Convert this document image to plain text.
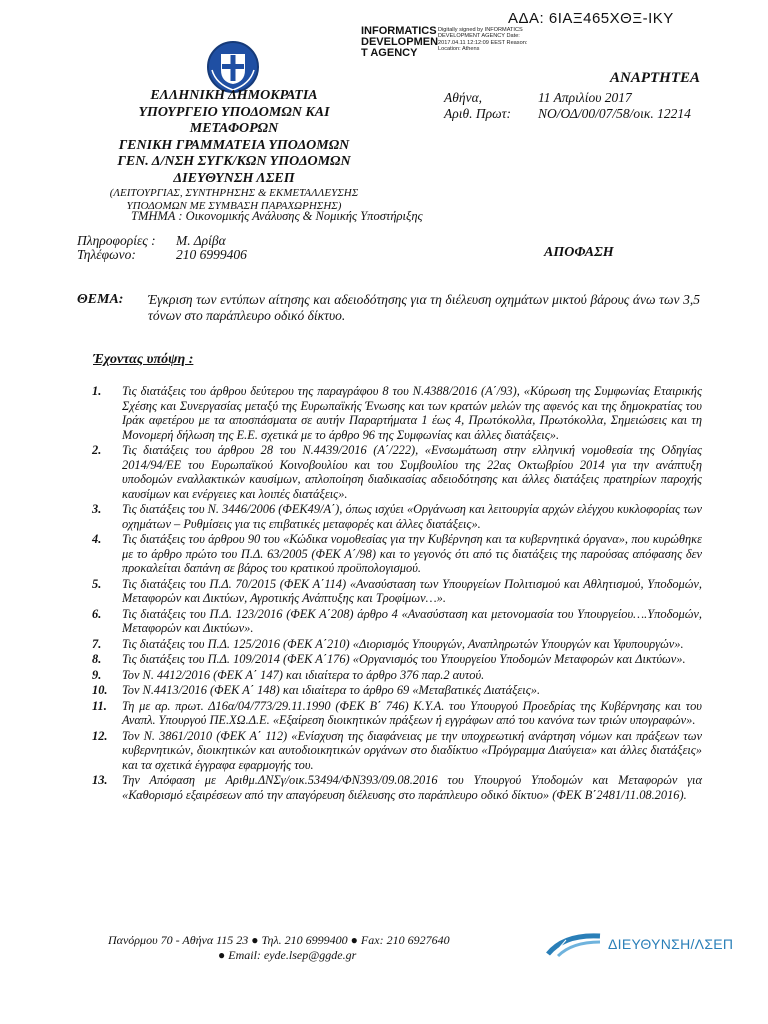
ΑΔΑ: 6ΙΑΞ465ΧΘΞ-ΙΚΥ
INFORMATICS DEVELOPMEN T AGENCY
Digitally signed by INFORMATICS DEVELOPMENT AGENCY Date: 2017.04.11 12:12:09 EEST Reason: Location: Athens
ΑΝΑΡΤΗΤΕΑ
ΕΛΛΗΝΙΚΗ ΔΗΜΟΚΡΑΤΙΑ
ΥΠΟΥΡΓΕΙΟ ΥΠΟΔΟΜΩΝ ΚΑΙ ΜΕΤΑΦΟΡΩΝ
ΓΕΝΙΚΗ ΓΡΑΜΜΑΤΕΙΑ ΥΠΟΔΟΜΩΝ
ΓΕΝ. Δ/ΝΣΗ ΣΥΓΚ/ΚΩΝ ΥΠΟΔΟΜΩΝ
ΔΙΕΥΘΥΝΣΗ ΛΣΕΠ
(ΛΕΙΤΟΥΡΓΙΑΣ, ΣΥΝΤΗΡΗΣΗΣ & ΕΚΜΕΤΑΛΛΕΥΣΗΣ ΥΠΟΔΟΜΩΝ ΜΕ ΣΥΜΒΑΣΗ ΠΑΡΑΧΩΡΗΣΗΣ)
Αθήνα,	11 Απριλίου 2017
Αριθ. Πρωτ: ΝΟ/ΟΔ/00/07/58/οικ. 12214
ΤΜΗΜΑ : Οικονομικής Ανάλυσης & Νομικής Υποστήριξης
Πληροφορίες : Μ. Δρίβα
Τηλέφωνο:	210 6999406	ΑΠΟΦΑΣΗ
ΘΕΜΑ: Έγκριση των εντύπων αίτησης και αδειοδότησης για τη διέλευση οχημάτων μικτού βάρους άνω των 3,5 τόνων στο παράπλευρο οδικό δίκτυο.
Έχοντας υπόψη :
1. Τις διατάξεις του άρθρου δεύτερου της παραγράφου 8 του Ν.4388/2016 (Α΄/93), «Κύρωση της Συμφωνίας Εταιρικής Σχέσης και Συνεργασίας μεταξύ της Ευρωπαϊκής Ένωσης και των κρατών μελών της αφενός και της δημοκρατίας του Ιράκ αφετέρου με τα αποσπάσματα σε αυτήν Παραρτήματα 1 έως 4, Πρωτόκολλα, Πρωτόκολλα, Σημειώσεις και τη Μονομερή δήλωση της Ε.Ε. σχετικά με το άρθρο 96 της Συμφωνίας και άλλες διατάξεις».
2. Τις διατάξεις του άρθρου 28 του Ν.4439/2016 (Α΄/222), «Ενσωμάτωση στην ελληνική νομοθεσία της Οδηγίας 2014/94/ΕΕ του Ευρωπαϊκού Κοινοβουλίου και του Συμβουλίου της 22ας Οκτωβρίου 2014 για την ανάπτυξη υποδομών εναλλακτικών καυσίμων, απλοποίηση διαδικασίας αδειοδότησης και άλλες διατάξεις πρατηρίων παροχής καυσίμων και ενέργειες και λοιπές διατάξεις».
3. Τις διατάξεις του Ν. 3446/2006 (ΦΕΚ49/Α΄), όπως ισχύει «Οργάνωση και λειτουργία αρχών ελέγχου κυκλοφορίας των οχημάτων – Ρυθμίσεις για τις επιβατικές μεταφορές και άλλες διατάξεις».
4. Τις διατάξεις του άρθρου 90 του «Κώδικα νομοθεσίας για την Κυβέρνηση και τα κυβερνητικά όργανα», που κυρώθηκε με το άρθρο πρώτο του Π.Δ. 63/2005 (ΦΕΚ Α΄/98) και το γεγονός ότι από τις διατάξεις της παρούσας απόφασης δεν προκαλείται δαπάνη σε βάρος του κρατικού προϋπολογισμού.
5. Τις διατάξεις του Π.Δ. 70/2015 (ΦΕΚ Α΄114) «Ανασύσταση των Υπουργείων Πολιτισμού και Αθλητισμού, Υποδομών, Μεταφορών και Δικτύων, Αγροτικής Ανάπτυξης και Τροφίμων…».
6. Τις διατάξεις του Π.Δ. 123/2016 (ΦΕΚ Α΄208) άρθρο 4 «Ανασύσταση και μετονομασία του Υπουργείου….Υποδομών, Μεταφορών και Δικτύων».
7. Τις διατάξεις του Π.Δ. 125/2016 (ΦΕΚ Α΄210) «Διορισμός Υπουργών, Αναπληρωτών Υπουργών και Υφυπουργών».
8. Τις διατάξεις του Π.Δ. 109/2014 (ΦΕΚ Α΄176) «Οργανισμός του Υπουργείου Υποδομών Μεταφορών και Δικτύων».
9. Τον Ν. 4412/2016 (ΦΕΚ Α΄ 147) και ιδιαίτερα το άρθρο 376 παρ.2 αυτού.
10. Τον Ν.4413/2016 (ΦΕΚ Α΄ 148) και ιδιαίτερα το άρθρο 69 «Μεταβατικές Διατάξεις».
11. Τη με αρ. πρωτ. Δ16α/04/773/29.11.1990 (ΦΕΚ Β΄ 746) Κ.Υ.Α. του Υπουργού Προεδρίας της Κυβέρνησης και του Αναπλ. Υπουργού ΠΕ.ΧΩ.Δ.Ε. «Εξαίρεση διοικητικών πράξεων ή εγγράφων από του κανόνα των τριών υπογραφών».
12. Τον Ν. 3861/2010 (ΦΕΚ Α΄ 112) «Ενίσχυση της διαφάνειας με την υποχρεωτική ανάρτηση νόμων και πράξεων των κυβερνητικών, διοικητικών και αυτοδιοικητικών οργάνων στο διαδίκτυο «Πρόγραμμα Διαύγεια» και άλλες διατάξεις» και τα σχετικά έγγραφα εφαρμογής του.
13. Την Απόφαση με Αριθμ.ΔΝΣγ/οικ.53494/ΦΝ393/09.08.2016 του Υπουργού Υποδομών και Μεταφορών για «Καθορισμό εξαιρέσεων από την απαγόρευση διέλευσης στο παράπλευρο οδικό δίκτυο» (ΦΕΚ Β΄2481/11.08.2016).
Πανόρμου 70 - Αθήνα 115 23 ● Τηλ. 210 6999400 ● Fax: 210 6927640
● Email: eyde.lsep@ggde.gr
ΔΙΕΥΘΥΝΣΗ/ΛΣΕΠ
